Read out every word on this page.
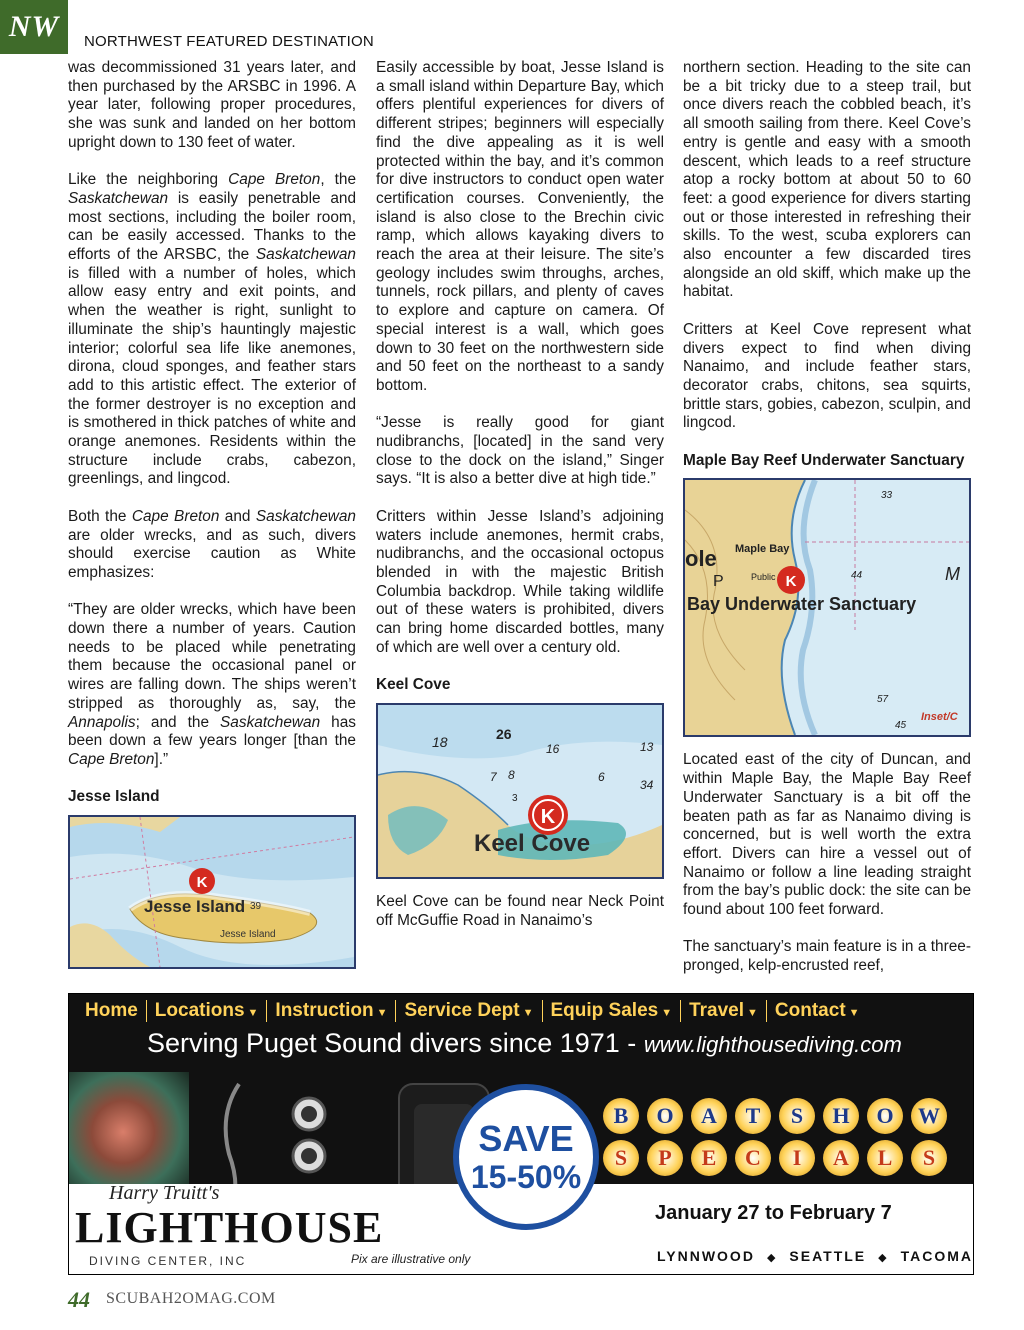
NW	NORTHWEST FEATURED DESTINATION

was decommissioned 31 years later, and then purchased by the ARSBC in 1996. A year later, following proper procedures, she was sunk and landed on her bottom upright down to 130 feet of water.

Like the neighboring Cape Breton, the Saskatchewan is easily penetrable and most sections, including the boiler room, can be easily accessed. Thanks to the efforts of the ARSBC, the Saskatchewan is filled with a number of holes, which allow easy entry and exit points, and when the weather is right, sunlight to illuminate the ship’s hauntingly majestic interior; colorful sea life like anemones, dirona, cloud sponges, and feather stars add to this artistic effect. The exterior of the former destroyer is no exception and is smothered in thick patches of white and orange anemones. Residents within the structure include crabs, cabezon, greenlings, and lingcod.

Both the Cape Breton and Saskatchewan are older wrecks, and as such, divers should exercise caution as White emphasizes:

“They are older wrecks, which have been down there a number of years. Caution needs to be placed while penetrating them because the occasional panel or wires are falling down. The ships weren’t stripped as thoroughly as, say, the Annapolis; and the Saskatchewan has been down a few years longer [than the Cape Breton].”

Jesse Island
K
Jesse Island 39
Jesse Island

Easily accessible by boat, Jesse Island is a small island within Departure Bay, which offers plentiful experiences for divers of different stripes; beginners will especially find the dive appealing as it is well protected within the bay, and it’s common for dive instructors to conduct open water certification courses. Conveniently, the island is also close to the Brechin civic ramp, which allows kayaking divers to reach the area at their leisure. The site’s geology includes swim throughs, arches, tunnels, rock pillars, and plenty of caves to explore and capture on camera. Of special interest is a wall, which goes down to 30 feet on the northwestern side and 50 feet on the northeast to a sandy bottom.

“Jesse is really good for giant nudibranchs, [located] in the sand very close to the dock on the island,” Singer says. “It is also a better dive at high tide.”

Critters within Jesse Island’s adjoining waters include anemones, hermit crabs, nudibranchs, and the occasional octopus blended in with the majestic British Columbia backdrop. While taking wildlife out of these waters is prohibited, divers can bring home discarded bottles, many of which are well over a century old.

Keel Cove
26
18	16	13
8
7	6
3
34
K
Keel Cove

Keel Cove can be found near Neck Point off McGuffie Road in Nanaimo’s

northern section. Heading to the site can be a bit tricky due to a steep trail, but once divers reach the cobbled beach, it’s all smooth sailing from there. Keel Cove’s entry is gentle and easy with a smooth descent, which leads to a reef structure atop a rocky bottom at about 50 to 60 feet: a good experience for divers starting out or those interested in refreshing their skills. To the west, scuba explorers can also encounter a few discarded tires alongside an old skiff, which make up the habitat.

Critters at Keel Cove represent what divers expect to find when diving Nanaimo, and include feather stars, decorator crabs, chitons, sea squirts, brittle stars, gobies, cabezon, sculpin, and lingcod.

Maple Bay Reef Underwater Sanctuary
ole Maple Bay
Public
P	M
K
Bay Underwater Sanctuary
33
44
57
45
Inset/C

Located east of the city of Duncan, and within Maple Bay, the Maple Bay Reef Underwater Sanctuary is a bit off the beaten path as far as Nanaimo diving is concerned, but is well worth the extra effort. Divers can hire a vessel out of Nanaimo or follow a line leading straight from the bay’s public dock: the site can be found about 100 feet forward.

The sanctuary’s main feature is in a three-pronged, kelp-encrusted reef,

Home Locations ▼ Instruction ▼ Service Dept ▼ Equip Sales ▼ Travel ▼ Contact ▼
Serving Puget Sound divers since 1971 - www.lighthousediving.com
Harry Truitt's
LIGHTHOUSE
DIVING CENTER, INC	Pix are illustrative only
SAVE
15-50%
B	O	A	T	S	H	O	W
S	P	E	C	I	A	L	S
January 27 to February 7
LYNNWOOD ◆ SEATTLE ◆ TACOMA
44 SCUBAH2OMAG.COM
